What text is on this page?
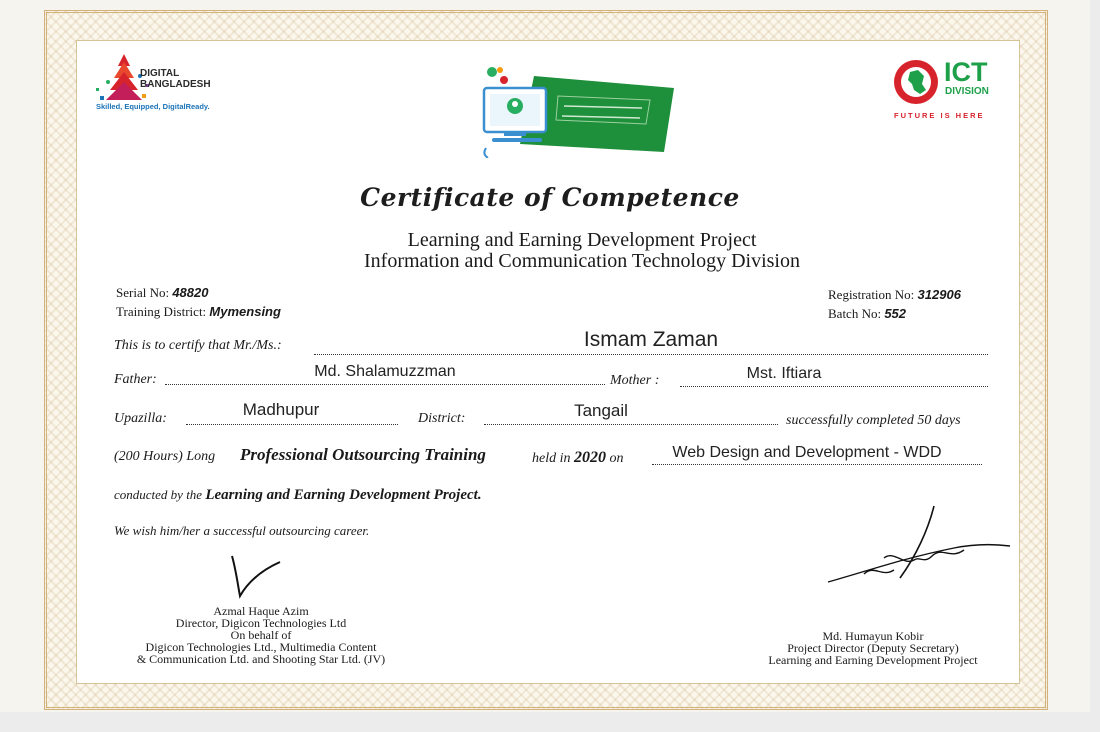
DIGITAL
BANGLADESH
Skilled, Equipped, DigitalReady.
ICT
DIVISION
FUTURE IS HERE
Certificate of Competence
Learning and Earning Development Project
Information and Communication Technology Division
Serial No: 48820
Training District: Mymensing
Registration No: 312906
Batch No: 552
This is to certify that Mr./Ms.:	Ismam Zaman
Father:	Md. Shalamuzzman
Mother :	Mst. Iftiara
Upazilla:	Madhupur	District:	Tangail
successfully completed 50 days
(200 Hours) Long Professional Outsourcing Training	held in 2020 on	Web Design and Development - WDD
conducted by the Learning and Earning Development Project.
We wish him/her a successful outsourcing career.
Azmal Haque Azim
Director, Digicon Technologies Ltd
On behalf of
Digicon Technologies Ltd., Multimedia Content
& Communication Ltd. and Shooting Star Ltd. (JV)
Md. Humayun Kobir
Project Director (Deputy Secretary)
Learning and Earning Development Project
